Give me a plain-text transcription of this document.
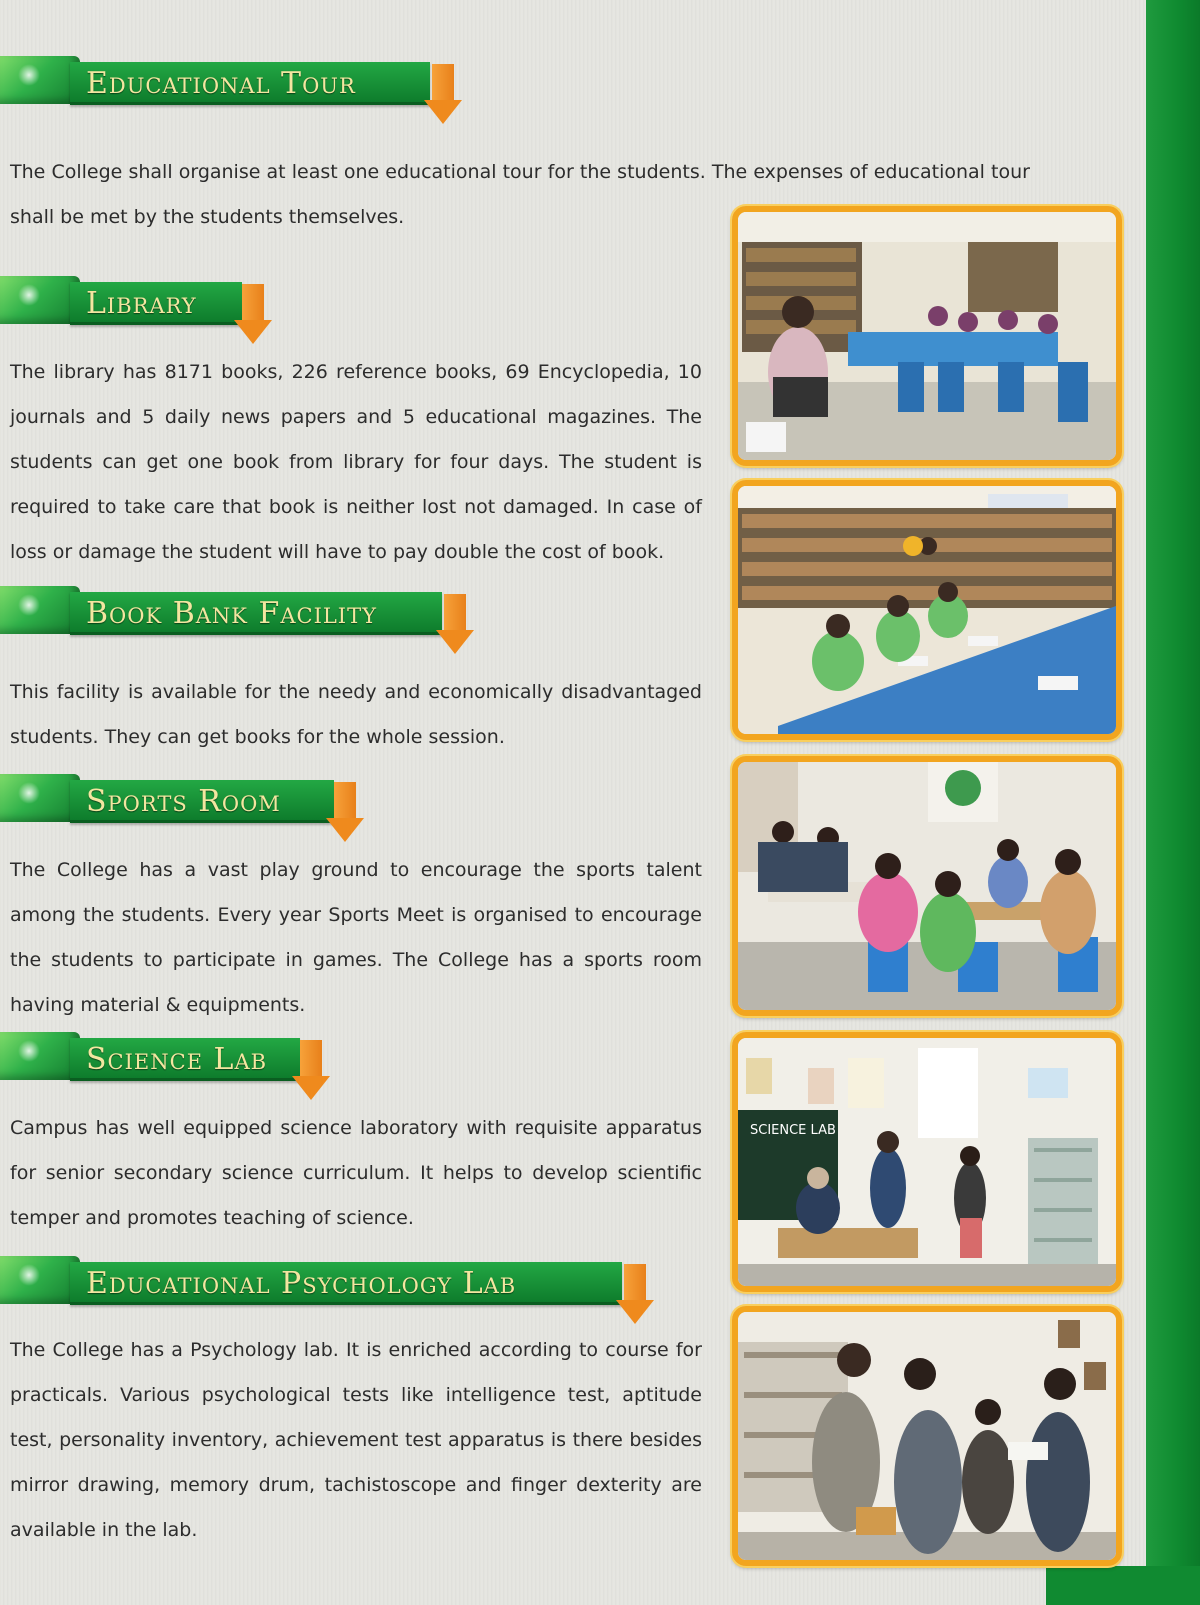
Educational Tour

The College shall organise at least one educational tour for the students. The expenses of educational tour shall be met by the students themselves.

Library

The library has 8171 books, 226 reference books, 69 Encyclopedia, 10 journals and 5 daily news papers and 5 educational magazines. The students can get one book from library for four days. The student is required to take care that book is neither lost not damaged. In case of loss or damage the student will have to pay double the cost of book.

Book Bank Facility

This facility is available for the needy and economically disadvantaged students. They can get books for the whole session.

Sports Room

The College has a vast play ground to encourage the sports talent among the students. Every year Sports Meet is organised to encourage the students to participate in games. The College has a sports room having material & equipments.

Science Lab

Campus has well equipped science laboratory with requisite apparatus for senior secondary science curriculum. It helps to develop scientific temper and promotes teaching of science.

Educational Psychology Lab

The College has a Psychology lab. It is enriched according to course for practicals. Various psychological tests like intelligence test, aptitude test, personality inventory, achievement test apparatus is there besides mirror drawing, memory drum, tachistoscope and finger dexterity are available in the lab.

SCIENCE LAB
